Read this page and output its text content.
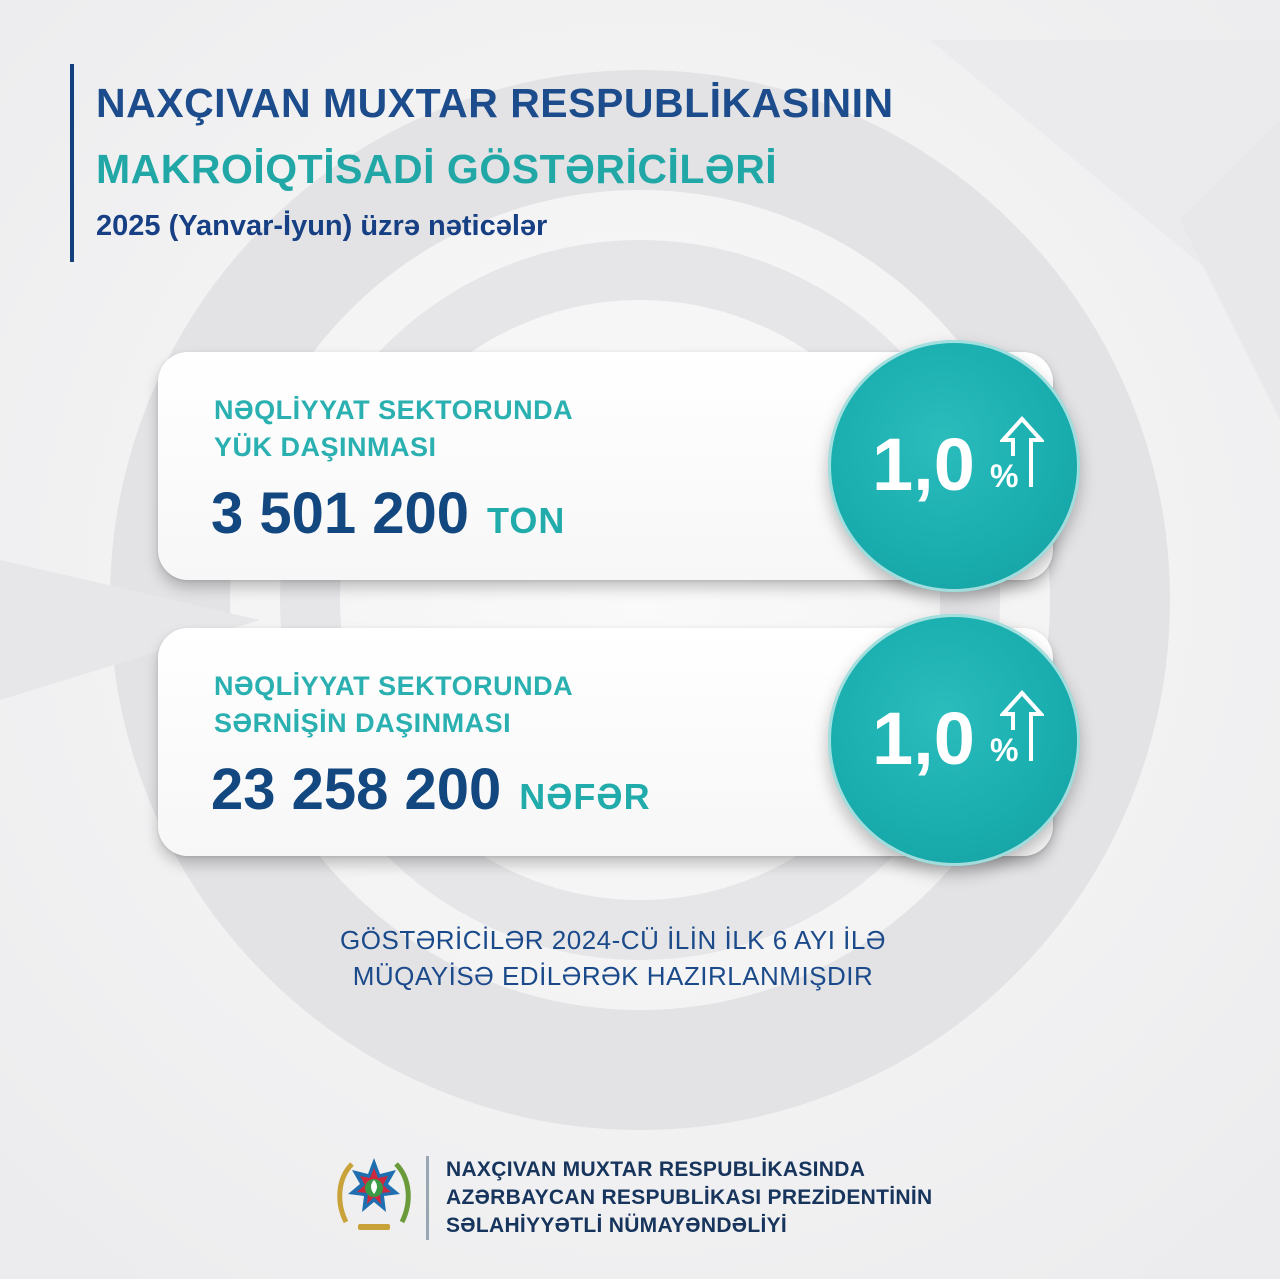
NAXÇIVAN MUXTAR RESPUBLİKASININ
MAKROİQTİSADİ GÖSTƏRİCİLƏRİ
2025 (Yanvar-İyun) üzrə nəticələr
NƏQLİYYAT SEKTORUNDA
YÜK DAŞINMASI
3 501 200 TON
1,0 %
NƏQLİYYAT SEKTORUNDA
SƏRNİŞİN DAŞINMASI
23 258 200 NƏFƏR
1,0 %
GÖSTƏRİCİLƏR 2024-CÜ İLİN İLK 6 AYI İLƏ
MÜQAYİSƏ EDİLƏRƏK HAZIRLANMIŞDIR
NAXÇIVAN MUXTAR RESPUBLİKASINDA
AZƏRBAYCAN RESPUBLİKASI PREZİDENTİNİN
SƏLAHİYYƏTLİ NÜMAYƏNDƏLİYİ
